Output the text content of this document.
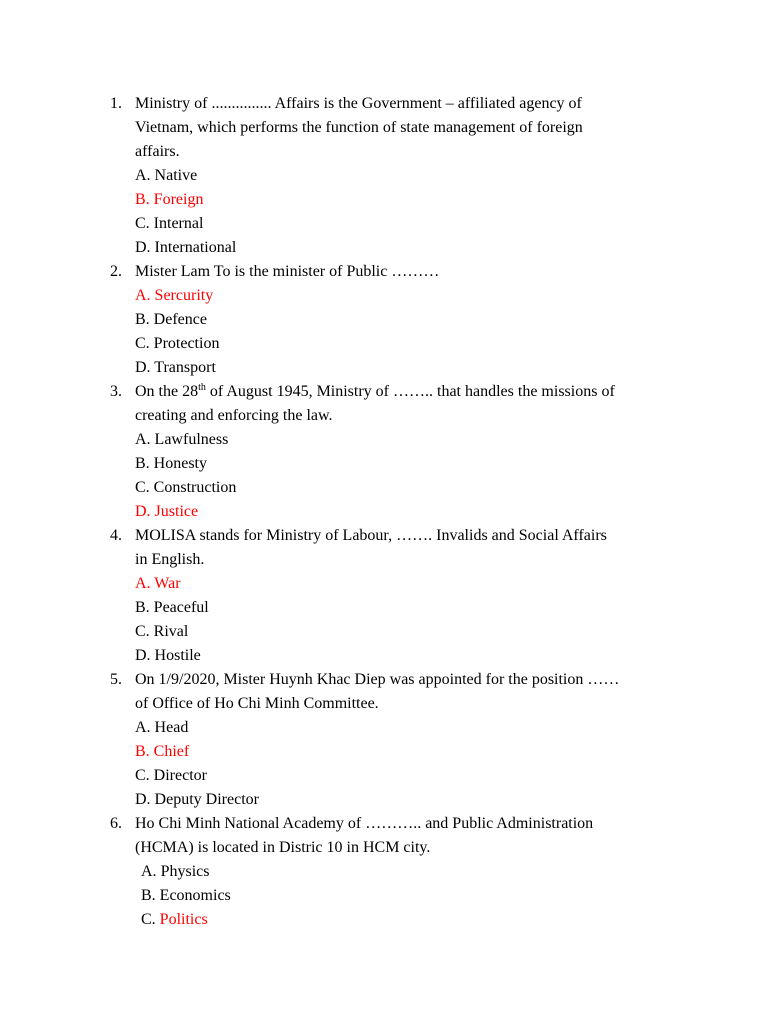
1. Ministry of ............... Affairs is the Government – affiliated agency of
Vietnam, which performs the function of state management of foreign
affairs.
A. Native
B. Foreign
C. Internal
D. International
2. Mister Lam To is the minister of Public ………
A. Sercurity
B. Defence
C. Protection
D. Transport
3. On the 28th of August 1945, Ministry of …….. that handles the missions of
creating and enforcing the law.
A. Lawfulness
B. Honesty
C. Construction
D. Justice
4. MOLISA stands for Ministry of Labour, ……. Invalids and Social Affairs
in English.
A. War
B. Peaceful
C. Rival
D. Hostile
5. On 1/9/2020, Mister Huynh Khac Diep was appointed for the position ……
of Office of Ho Chi Minh Committee.
A. Head
B. Chief
C. Director
D. Deputy Director
6. Ho Chi Minh National Academy of ……….. and Public Administration
(HCMA) is located in Distric 10 in HCM city.
A. Physics
B. Economics
C. Politics
